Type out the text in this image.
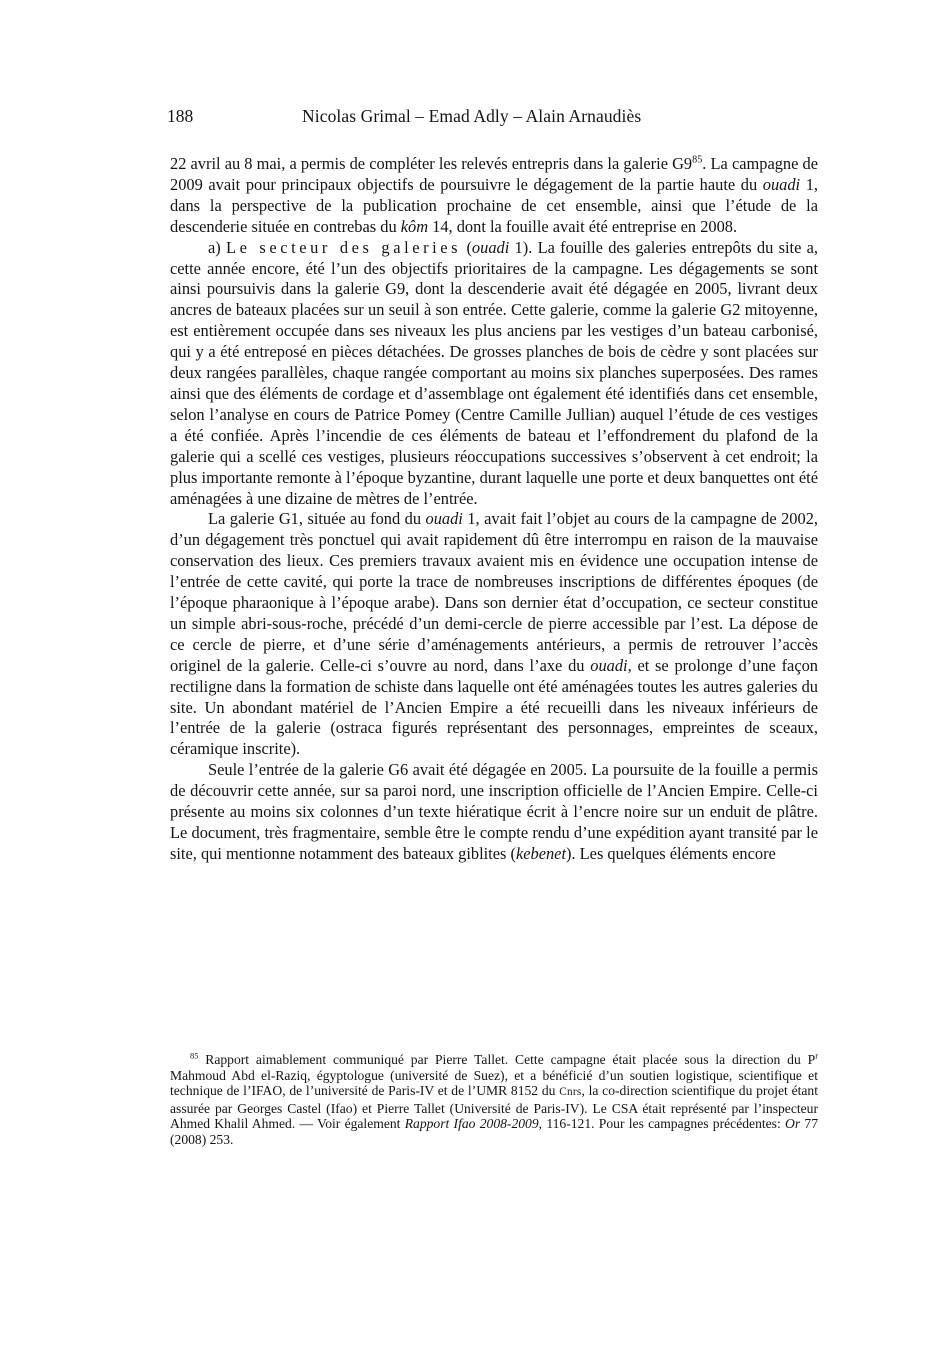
188	Nicolas Grimal – Emad Adly – Alain Arnaudiès

22 avril au 8 mai, a permis de compléter les relevés entrepris dans la galerie $G9^{85}$. La campagne de 2009 avait pour principaux objectifs de poursuivre le dégagement de la partie haute du ouadi 1, dans la perspective de la publication prochaine de cet ensemble, ainsi que l’étude de la descenderie située en contrebas du kôm 14, dont la fouille avait été entreprise en 2008.

a) Le secteur des galeries (ouadi 1). La fouille des galeries entrepôts du site a, cette année encore, été l’un des objectifs prioritaires de la campagne. Les dégagements se sont ainsi poursuivis dans la galerie G9, dont la descenderie avait été dégagée en 2005, livrant deux ancres de bateaux placées sur un seuil à son entrée. Cette galerie, comme la galerie G2 mitoyenne, est entièrement occupée dans ses niveaux les plus anciens par les vestiges d’un bateau carbonisé, qui y a été entreposé en pièces détachées. De grosses planches de bois de cèdre y sont placées sur deux rangées parallèles, chaque rangée comportant au moins six planches superposées. Des rames ainsi que des éléments de cordage et d’assemblage ont également été identifiés dans cet ensemble, selon l’analyse en cours de Patrice Pomey (Centre Camille Jullian) auquel l’étude de ces vestiges a été confiée. Après l’incendie de ces éléments de bateau et l’effondrement du plafond de la galerie qui a scellé ces vestiges, plusieurs réoccupations successives s’observent à cet endroit; la plus importante remonte à l’époque byzantine, durant laquelle une porte et deux banquettes ont été aménagées à une dizaine de mètres de l’entrée.

La galerie G1, située au fond du ouadi 1, avait fait l’objet au cours de la campagne de 2002, d’un dégagement très ponctuel qui avait rapidement dû être interrompu en raison de la mauvaise conservation des lieux. Ces premiers travaux avaient mis en évidence une occupation intense de l’entrée de cette cavité, qui porte la trace de nombreuses inscriptions de différentes époques (de l’époque pharaonique à l’époque arabe). Dans son dernier état d’occupation, ce secteur constitue un simple abri-sous-roche, précédé d’un demi-cercle de pierre accessible par l’est. La dépose de ce cercle de pierre, et d’une série d’aménagements antérieurs, a permis de retrouver l’accès originel de la galerie. Celle-ci s’ouvre au nord, dans l’axe du ouadi, et se prolonge d’une façon rectiligne dans la formation de schiste dans laquelle ont été aménagées toutes les autres galeries du site. Un abondant matériel de l’Ancien Empire a été recueilli dans les niveaux inférieurs de l’entrée de la galerie (ostraca figurés représentant des personnages, empreintes de sceaux, céramique inscrite).

Seule l’entrée de la galerie G6 avait été dégagée en 2005. La poursuite de la fouille a permis de découvrir cette année, sur sa paroi nord, une inscription officielle de l’Ancien Empire. Celle-ci présente au moins six colonnes d’un texte hiératique écrit à l’encre noire sur un enduit de plâtre. Le document, très fragmentaire, semble être le compte rendu d’une expédition ayant transité par le site, qui mentionne notamment des bateaux giblites (kebenet). Les quelques éléments encore

$^{85}$ Rapport aimablement communiqué par Pierre Tallet. Cette campagne était placée sous la direction du $P^r$ Mahmoud Abd el-Raziq, égyptologue (université de Suez), et a bénéficié d’un soutien logistique, scientifique et technique de l’IFAO, de l’université de Paris-IV et de l’UMR 8152 du Cnrs, la co-direction scientifique du projet étant assurée par Georges Castel (Ifao) et Pierre Tallet (Université de Paris-IV). Le CSA était représenté par l’inspecteur Ahmed Khalil Ahmed. — Voir également Rapport Ifao 2008-2009, 116-121. Pour les campagnes précédentes: Or 77 (2008) 253.
